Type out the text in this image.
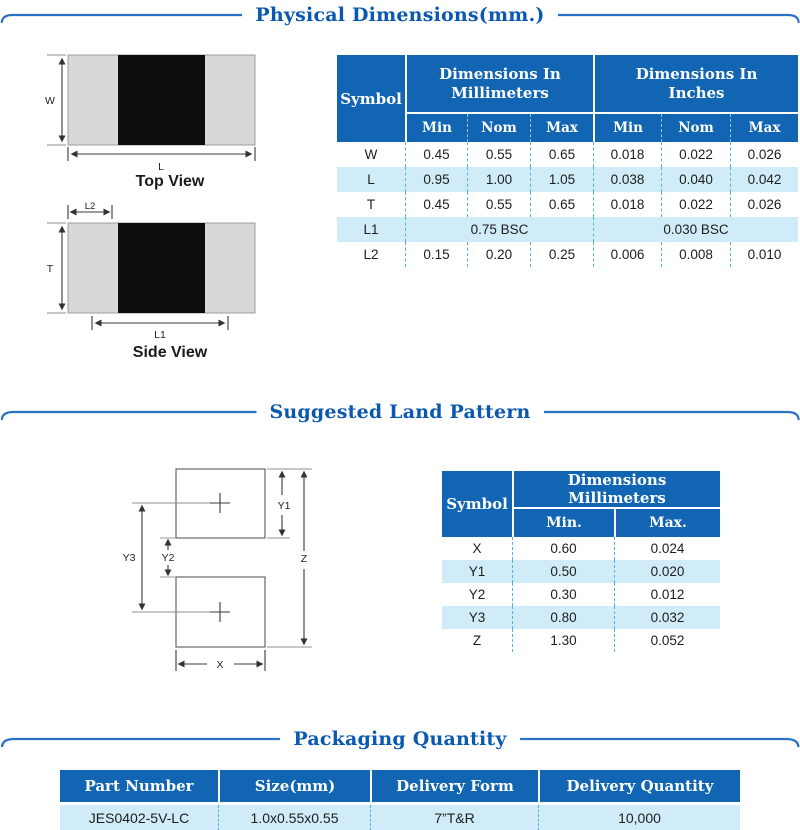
Physical Dimensions(mm.)
W
L
Top View
L2
T
L1
Side View
Symbol	Dimensions In
Millimeters			Dimensions In
Inches		

	Min	Nom	Max	Min	Nom	Max
W	0.45	0.55	0.65	0.018	0.022	0.026
L	0.95	1.00	1.05	0.038	0.040	0.042
T	0.45	0.55	0.65	0.018	0.022	0.026
L1	0.75 BSC			0.030 BSC		
L2	0.15	0.20	0.25	0.006	0.008	0.010
Suggested Land Pattern
Y1
Z
Y3 Y2
X
Symbol	Dimensions Millimeters	
	Min.	Max.
X	0.60	0.024
Y1	0.50	0.020
Y2	0.30	0.012
Y3	0.80	0.032
Z	1.30	0.052
Packaging Quantity
Part Number	Size(mm)	Delivery Form	Delivery Quantity
JES0402-5V-LC	1.0x0.55x0.55	7”T&R	10,000
